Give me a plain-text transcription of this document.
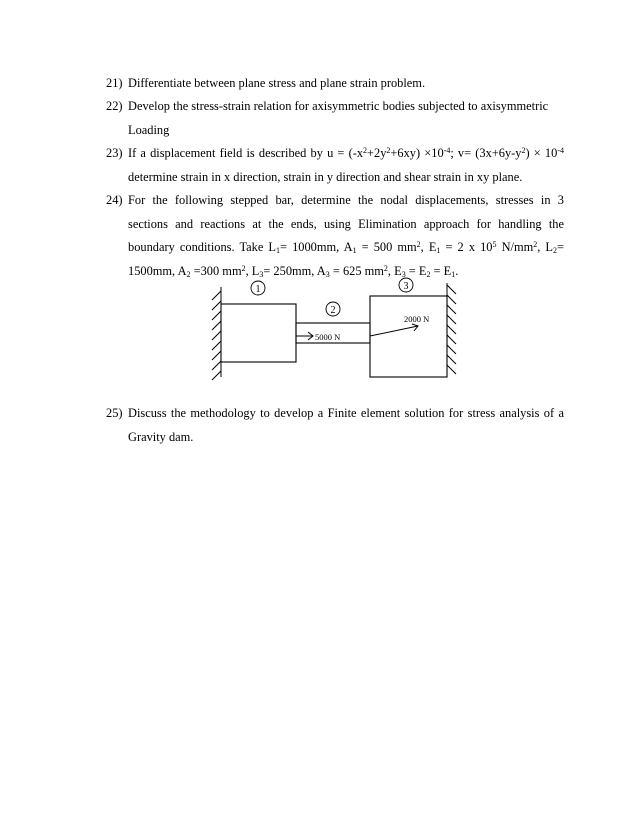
21) Differentiate between plane stress and plane strain problem.
22) Develop the stress-strain relation for axisymmetric bodies subjected to axisymmetric
Loading
23) If a displacement field is described by $u = (-x^2+2y^2+6xy) \times 10^{-4}$; $v= (3x+6y-y^2) \times 10^{-4}$
determine strain in x direction, strain in y direction and shear strain in xy plane.
24) For the following stepped bar, determine the nodal displacements, stresses in 3
sections and reactions at the ends, using Elimination approach for handling the
boundary conditions. Take $L_1= 1000mm$, $A_1 = 500$ $mm^2$, $E_1 = 2$ x $10^5$ $N/mm^2$, $L_2=$
1500mm, $A_2 =300$ $mm^2$, $L_3= 250mm$, $A_3 = 625$ $mm^2$, $E_3 = E_2 = E_1$.
1
2
3
5000 N
2000 N
25) Discuss the methodology to develop a Finite element solution for stress analysis of a
Gravity dam.
